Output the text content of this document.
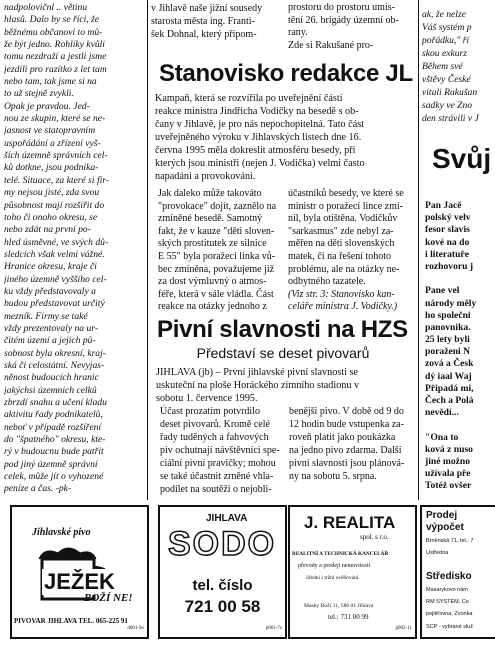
nadpolovičnl .. větinu
hlasů. Dalo by se říci, že
běžnému občanovi to mů-
že být jedno. Rohlíky kvůli
tomu nezdraží a jestli jsme
jezdili pro razítko z let tam
nebo tam, tak jsme si na
to už stejně zvykli.
Opak je pravdou. Jed-
nou ze skupin, které se ne-
jasnost ve statopravním
uspořádání a zřízení vyš-
ších územně správních cel-
ků dotkne, jsou podnika-
telé. Situace, za které si fir-
my nejsou jisté, zda svou
působnost mají rozšířit do
toho či onoho okresu, se
nebo zdát na první po-
hled úsměvné, ve svých dů-
sledcích však velmi vážné.
Hranice okresu, kraje či
jiného územně vyššího cel-
ku vždy představovaly a
budou představovat určitý
mezník. Firmy se také
vždy prezentovaly na ur-
čitém území a jejich pů-
sobnost byla okresní, kraj-
ská či celostátní. Nevyjas-
něnost budoucích hranic
jakýchsi územních celků
zbrzdí snahu a učení kladu
aktivitu řady podnikatelů,
neboť v případě rozšíření
do "špatného" okresu, kte-
rý v budoucnu bude patřit
pod jiný územně správní
celek, může jít o vyhozené
peníze a čas. -pk-
v Jihlavě naše jižní sousedy
starosta města ing. Franti-
šek Dohnal, který připom-
prostoru do prostoru umís-
tění 26. brigády územní ob-
rany.
Zde si Rakušané pro-
Stanovisko redakce JL
Kampaň, která se rozvířila po uveřejnění části
reakce ministra Jindřicha Vodičky na besedě s ob-
čany v Jihlavě, je pro nás nepochopitelná. Tato část
uveřejněného výroku v Jihlavských listech dne 16.
června 1995 měla dokreslit atmosféru besedy, při
kterých jsou ministři (nejen J. Vodička) velmi často
napadáni a provokováni.
Jak daleko může takováto
"provokace" dojít, zaznělo na
zmíněné besedě. Samotný
fakt, že v kauze "děti sloven-
ských prostitutek ze silnice
E 55" byla poražeci linka vů-
bec zmíněna, považujeme již
za dost výmluvný o atmos-
féře, která v sále vládla. Část
reakce na otázky jednoho z
účastníků besedy, ve které se
ministr o poražecí lince zmí-
nil, byla otištěna. Vodičkův
"sarkasmus" zde nebyl za-
měřen na děti slovenských
matek, či na řešení tohoto
problému, ale na otázky ne-
odbytného tazatele.
(Viz str. 3: Stanovisko kan-
celáře ministra J. Vodičky.)
Pivní slavnosti na HZS
Představí se deset pivovarů
JIHLAVA (jb) – První jihlavské pivní slavnosti se
uskuteční na ploše Horáckého zimního stadionu v
sobotu 1. července 1995.
Účast prozatím potvrdilo
deset pivovarů. Kromě celé
řady tuděných a fahvových
piv ochutnají návštěvníci spe-
ciální pivní pravičky; mohou
se také účastnit zrněné vhla-
podílet na soutěži o nejobli-
benějši pivo. V době od 9 do
12 hodin bude vstupenka za-
roveň platit jako poukázka
na jedno pivo zdarma. Další
pivní slavnosti jsou plánová-
ny na sobotu 5. srpna.
ak, že nelze
Váš systém p
pořádku," ří
skou exkurz
Během své
vštěvy České
vitali Rakušan
sadky ve Zno
den strávili v J
Svůj
Pan Jacě
polský velv
fesor slavis
kové na do
i literatuře
rozhovoru j
Pane vel
národy měly
ho společni
panovnika.
25 lety byli
poraženi N
zová a Česk
dý iaal Waj
Připadá mi,
Čech a Polá
nevědí...
"Ona to
ková z nuso
jiné možno
užívala pře
Totéž ovšer
Jihlavské pivo
JEŽEK
BOŽÍ NE!
PIVOVAR JIHLAVA TEL. 065-225 91
d001-9o
JIHLAVA
SODO
tel. číslo
721 00 58
p001-7s
J. REALITA
spol. s r.o.
REALITNÍ A TECHNICKÁ KANCELÁŘ
převody a prodeji nemovitostí
úřední i tržní ocěňování
Masky Boží 11, 586 01 Jihlava
tel.: 731 00 99
p002-11
Prodej
výpočet
Brněnská 71, tel.: 7
Ustředna
Středisko
Masarykovo nám
RM SYSTÉM, Ce
pojišťovna, Zvonka
SCP - vybrané služ
